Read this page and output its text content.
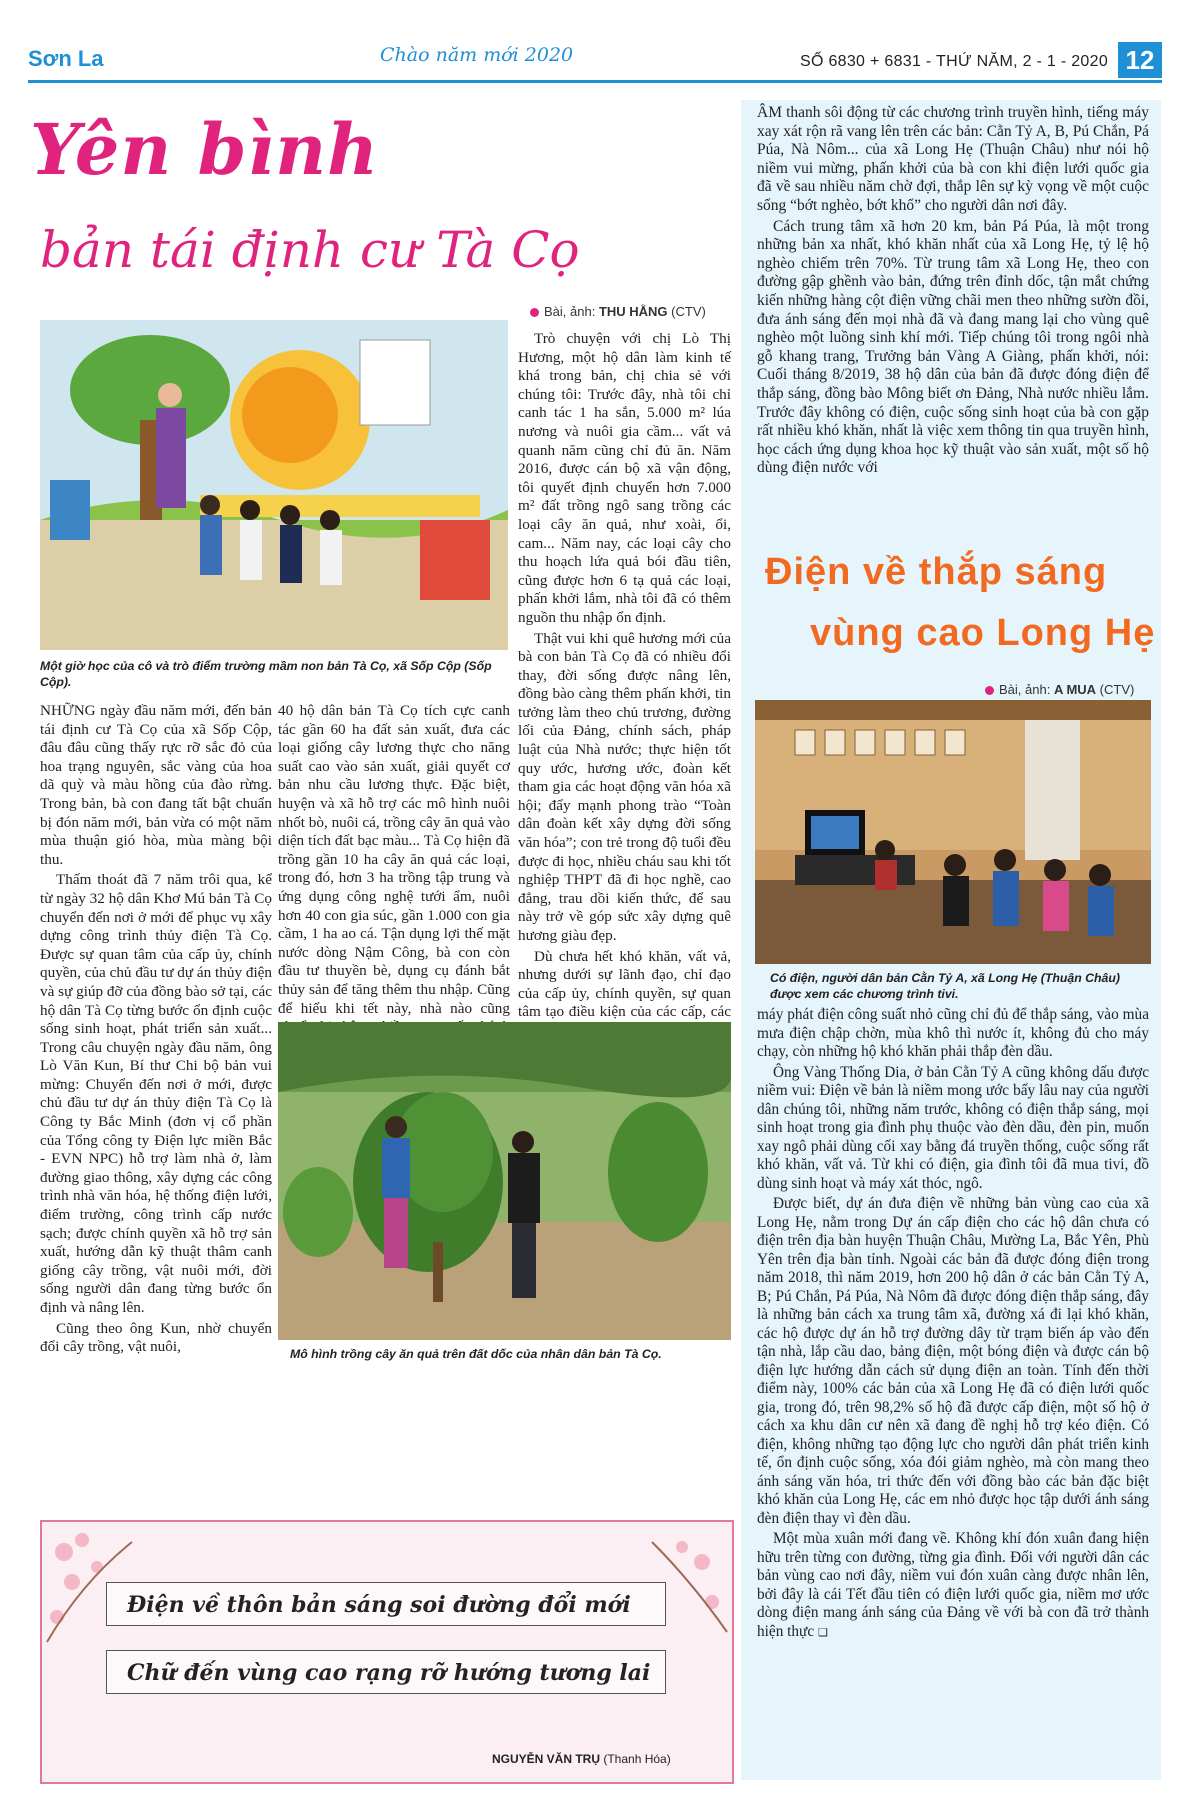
Sơn La	Chào năm mới 2020	SỐ 6830 + 6831 - THỨ NĂM, 2 - 1 - 2020 12
Yên bình
bản tái định cư Tà Cọ
Bài, ảnh: THU HẰNG (CTV)
Một giờ học của cô và trò điểm trường mầm non bản Tà Cọ, xã Sốp Cộp (Sốp Cộp).

NHỮNG ngày đầu năm mới, đến bản tái định cư Tà Cọ của xã Sốp Cộp, đâu đâu cũng thấy rực rỡ sắc đỏ của hoa trạng nguyên, sắc vàng của hoa dã quỳ và màu hồng của đào rừng. Trong bản, bà con đang tất bật chuẩn bị đón năm mới, bản vừa có một năm mùa thuận gió hòa, mùa màng bội thu.

Thấm thoát đã 7 năm trôi qua, kể từ ngày 32 hộ dân Khơ Mú bản Tà Cọ chuyển đến nơi ở mới để phục vụ xây dựng công trình thủy điện Tà Cọ. Được sự quan tâm của cấp ủy, chính quyền, của chủ đầu tư dự án thủy điện và sự giúp đỡ của đồng bào sở tại, các hộ dân Tà Cọ từng bước ổn định cuộc sống sinh hoạt, phát triển sản xuất... Trong câu chuyện ngày đầu năm, ông Lò Văn Kun, Bí thư Chi bộ bản vui mừng: Chuyển đến nơi ở mới, được chủ đầu tư dự án thủy điện Tà Cọ là Công ty Bắc Minh (đơn vị cổ phần của Tổng công ty Điện lực miền Bắc - EVN NPC) hỗ trợ làm nhà ở, làm đường giao thông, xây dựng các công trình nhà văn hóa, hệ thống điện lưới, điểm trường, công trình cấp nước sạch; được chính quyền xã hỗ trợ sản xuất, hướng dẫn kỹ thuật thâm canh giống cây trồng, vật nuôi mới, đời sống người dân đang từng bước ổn định và nâng lên.

Cũng theo ông Kun, nhờ chuyển đổi cây trồng, vật nuôi,

40 hộ dân bản Tà Cọ tích cực canh tác gần 60 ha đất sản xuất, đưa các loại giống cây lương thực cho năng suất cao vào sản xuất, giải quyết cơ bản nhu cầu lương thực. Đặc biệt, huyện và xã hỗ trợ các mô hình nuôi nhốt bò, nuôi cá, trồng cây ăn quả vào diện tích đất bạc màu... Tà Cọ hiện đã trồng gần 10 ha cây ăn quả các loại, trong đó, hơn 3 ha trồng tập trung và ứng dụng công nghệ tưới ẩm, nuôi hơn 40 con gia súc, gần 1.000 con gia cầm, 1 ha ao cá. Tận dụng lợi thế mặt nước dòng Nậm Công, bà con còn đầu tư thuyền bè, dụng cụ đánh bắt thủy sản để tăng thêm thu nhập. Cũng để hiếu khi tết này, nhà nào cũng

Trò chuyện với chị Lò Thị Hương, một hộ dân làm kinh tế khá trong bản, chị chia sẻ với chúng tôi: Trước đây, nhà tôi chỉ canh tác 1 ha sắn, 5.000 m² lúa nương và nuôi gia cầm... vất vả quanh năm cũng chỉ đủ ăn. Năm 2016, được cán bộ xã vận động, tôi quyết định chuyển hơn 7.000 m² đất trồng ngô sang trồng các loại cây ăn quả, như xoài, ổi, cam... Năm nay, các loại cây cho thu hoạch lứa quả bói đầu tiên, cũng được hơn 6 tạ quả các loại, phấn khởi lắm, nhà tôi đã có thêm nguồn thu nhập ổn định.

Thật vui khi quê hương mới của bà con bản Tà Cọ đã có nhiều đổi thay, đời sống được nâng lên, đồng bào càng thêm phấn khởi, tin tưởng làm theo chủ trương, đường lối của Đảng, chính sách, pháp luật của Nhà nước; thực hiện tốt quy ước, hương ước, đoàn kết tham gia các hoạt động văn hóa xã hội; đẩy mạnh phong trào “Toàn dân đoàn kết xây dựng đời sống văn hóa”; con trẻ trong độ tuổi đều được đi học, nhiều cháu sau khi tốt nghiệp THPT đã đi học nghề, cao đẳng, trau dồi kiến thức, để sau này trở về góp sức xây dựng quê hương giàu đẹp.

Dù chưa hết khó khăn, vất vả, nhưng dưới sự lãnh đạo, chỉ đạo của cấp ủy, chính quyền, sự quan tâm tạo điều kiện của các cấp, các

Mô hình trồng cây ăn quả trên đất dốc của nhân dân bản Tà Cọ.
Điện về thôn bản sáng soi đường đổi mới
Chữ đến vùng cao rạng rỡ hướng tương lai
NGUYỄN VĂN TRỤ (Thanh Hóa)

ÂM thanh sôi động từ các chương trình truyền hình, tiếng máy xay xát rộn rã vang lên trên các bản: Cằn Tỷ A, B, Pú Chắn, Pá Púa, Nà Nôm... của xã Long Hẹ (Thuận Châu) như nói hộ niềm vui mừng, phấn khởi của bà con khi điện lưới quốc gia đã về sau nhiều năm chờ đợi, thắp lên sự kỳ vọng về một cuộc sống “bớt nghèo, bớt khổ” cho người dân nơi đây.

Cách trung tâm xã hơn 20 km, bản Pá Púa, là một trong những bản xa nhất, khó khăn nhất của xã Long Hẹ, tỷ lệ hộ nghèo chiếm trên 70%. Từ trung tâm xã Long Hẹ, theo con đường gập ghềnh vào bản, đứng trên đỉnh dốc, tận mắt chứng kiến những hàng cột điện vững chãi men theo những sườn đồi, đưa ánh sáng đến mọi nhà đã và đang mang lại cho vùng quê nghèo một luồng sinh khí mới. Tiếp chúng tôi trong ngôi nhà gỗ khang trang, Trưởng bản Vàng A Giàng, phấn khởi, nói: Cuối tháng 8/2019, 38 hộ dân của bản đã được đóng điện để thắp sáng, đồng bào Mông biết ơn Đảng, Nhà nước nhiều lắm. Trước đây không có điện, cuộc sống sinh hoạt của bà con gặp rất nhiều khó khăn, nhất là việc xem thông tin qua truyền hình, học cách ứng dụng khoa học kỹ thuật vào sản xuất, một số hộ dùng điện nước với

Điện về thắp sáng
vùng cao Long Hẹ
Bài, ảnh: A MUA (CTV)
Có điện, người dân bản Cằn Tỷ A, xã Long Hẹ (Thuận Châu) được xem các chương trình tivi.

máy phát điện công suất nhỏ cũng chỉ đủ để thắp sáng, vào mùa mưa điện chập chờn, mùa khô thì nước ít, không đủ cho máy chạy, còn những hộ khó khăn phải thắp đèn dầu.

Ông Vàng Thống Dia, ở bản Cằn Tỷ A cũng không dấu được niềm vui: Điện về bản là niềm mong ước bấy lâu nay của người dân chúng tôi, những năm trước, không có điện thắp sáng, mọi sinh hoạt trong gia đình phụ thuộc vào đèn dầu, đèn pin, muốn xay ngô phải dùng cối xay bằng đá truyền thống, cuộc sống rất khó khăn, vất vả. Từ khi có điện, gia đình tôi đã mua tivi, đồ dùng sinh hoạt và máy xát thóc, ngô.

Được biết, dự án đưa điện về những bản vùng cao của xã Long Hẹ, nằm trong Dự án cấp điện cho các hộ dân chưa có điện trên địa bàn huyện Thuận Châu, Mường La, Bắc Yên, Phù Yên trên địa bàn tỉnh. Ngoài các bản đã được đóng điện trong năm 2018, thì năm 2019, hơn 200 hộ dân ở các bản Cằn Tỷ A, B; Pú Chắn, Pá Púa, Nà Nôm đã được đóng điện thắp sáng, đây là những bản cách xa trung tâm xã, đường xá đi lại khó khăn, các hộ được dự án hỗ trợ đường dây từ trạm biến áp vào đến tận nhà, lắp cầu dao, bảng điện, một bóng điện và được cán bộ điện lực hướng dẫn cách sử dụng điện an toàn. Tính đến thời điểm này, 100% các bản của xã Long Hẹ đã có điện lưới quốc gia, trong đó, trên 98,2% số hộ đã được cấp điện, một số hộ ở cách xa khu dân cư nên xã đang đề nghị hỗ trợ kéo điện. Có điện, không những tạo động lực cho người dân phát triển kinh tế, ổn định cuộc sống, xóa đói giảm nghèo, mà còn mang theo ánh sáng văn hóa, tri thức đến với đồng bào các bản đặc biệt khó khăn của Long Hẹ, các em nhỏ được học tập dưới ánh sáng đèn điện thay vì đèn dầu.

Một mùa xuân mới đang về. Không khí đón xuân đang hiện hữu trên từng con đường, từng gia đình. Đối với người dân các bản vùng cao nơi đây, niềm vui đón xuân càng được nhân lên, bởi đây là cái Tết đầu tiên có điện lưới quốc gia, niềm mơ ước dòng điện mang ánh sáng của Đảng về với bà con đã trở thành hiện thực ❑
